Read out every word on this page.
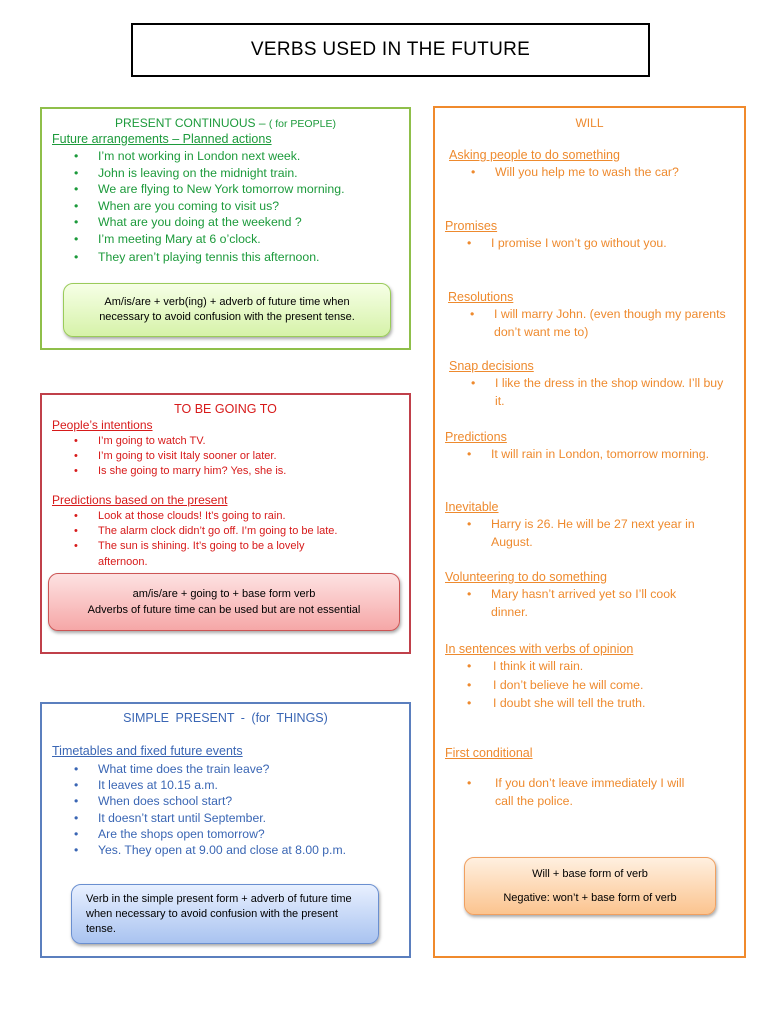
VERBS USED IN THE FUTURE
PRESENT CONTINUOUS – ( for PEOPLE)
Future arrangements – Planned actions
• I’m not working in London next week.
• John is leaving on the midnight train.
• We are flying to New York tomorrow morning.
• When are you coming to visit us?
• What are you doing at the weekend ?
• I’m meeting Mary at 6 o’clock.
• They aren’t playing tennis this afternoon.
Am/is/are + verb(ing) + adverb of future time when necessary to avoid confusion with the present tense.
TO BE GOING TO
People’s intentions
• I’m going to watch TV.
• I’m going to visit Italy sooner or later.
• Is she going to marry him? Yes, she is.
Predictions based on the present
• Look at those clouds! It’s going to rain.
• The alarm clock didn’t go off. I’m going to be late.
• The sun is shining. It’s going to be a lovely afternoon.
am/is/are + going to + base form verb
Adverbs of future time can be used but are not essential
SIMPLE PRESENT - (for THINGS)
Timetables and fixed future events
• What time does the train leave?
• It leaves at 10.15 a.m.
• When does school start?
• It doesn’t start until September.
• Are the shops open tomorrow?
• Yes. They open at 9.00 and close at 8.00 p.m.
Verb in the simple present form + adverb of future time when necessary to avoid confusion with the present tense.
WILL
Asking people to do something
• Will you help me to wash the car?
Promises
• I promise I won’t go without you.
Resolutions
• I will marry John. (even though my parents don’t want me to)
Snap decisions
• I like the dress in the shop window. I’ll buy it.
Predictions
• It will rain in London, tomorrow morning.
Inevitable
• Harry is 26. He will be 27 next year in August.
Volunteering to do something
• Mary hasn’t arrived yet so I’ll cook dinner.
In sentences with verbs of opinion
• I think it will rain.
• I don’t believe he will come.
• I doubt she will tell the truth.
First conditional
• If you don’t leave immediately I will call the police.
Will + base form of verb
Negative: won’t + base form of verb
